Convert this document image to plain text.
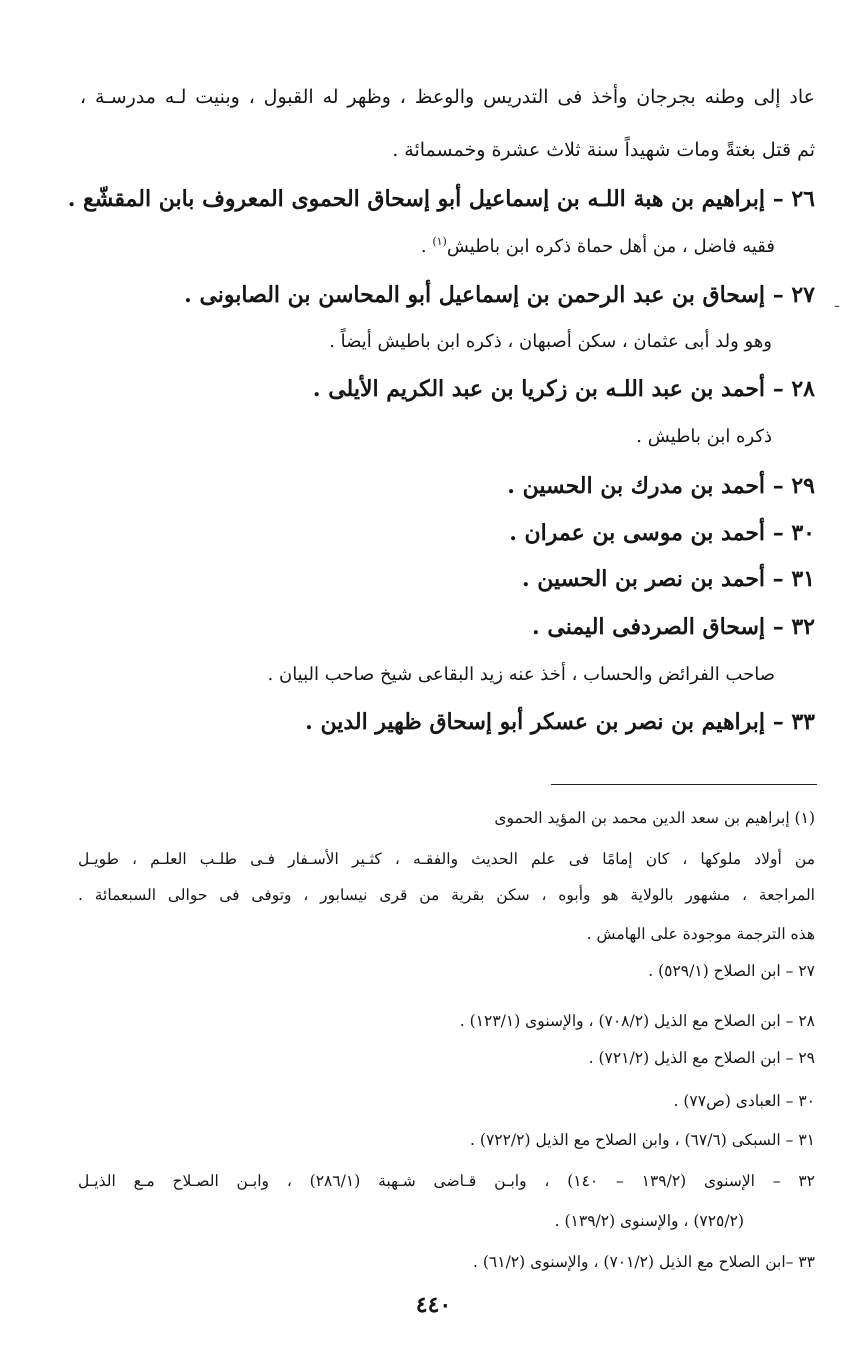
عاد إلى وطنه بجرجان وأخذ فى التدريس والوعظ ، وظهر له القبول ، وبنيت لـه مدرسـة ،
ثم قتل بغتةً ومات شهيداً سنة ثلاث عشرة وخمسمائة .
٢٦ – إبراهيم بن هبة اللـه بن إسماعيل أبو إسحاق الحموى المعروف بابن المقشّع .
فقيه فاضل ، من أهل حماة ذكره ابن باطيش$^{(١)}$ .
٢٧ – إسحاق بن عبد الرحمن بن إسماعيل أبو المحاسن بن الصابونى . ـ
وهو ولد أبى عثمان ، سكن أصبهان ، ذكره ابن باطيش أيضاً .
٢٨ – أحمد بن عبد اللـه بن زكريا بن عبد الكريم الأيلى .
ذكره ابن باطيش .
٢٩ – أحمد بن مدرك بن الحسين .
٣٠ – أحمد بن موسى بن عمران .
٣١ – أحمد بن نصر بن الحسين .
٣٢ – إسحاق الصردفى اليمنى .
صاحب الفرائض والحساب ، أخذ عنه زيد البقاعى شيخ صاحب البيان .
٣٣ – إبراهيم بن نصر بن عسكر أبو إسحاق ظهير الدين .
(١) إبراهيم بن سعد الدين محمد بن المؤيد الحموى
من أولاد ملوكها ، كان إمامًا فى علم الحديث والفقـه ، كثـير الأسـفار فـى طلـب العلـم ، طويـل
المراجعة ، مشهور بالولاية هو وأبوه ، سكن بقرية من قرى نيسابور ، وتوفى فى حوالى السبعمائة .
هذه الترجمة موجودة على الهامش .
٢٧ – ابن الصلاح (٥٢٩/١) .
٢٨ – ابن الصلاح مع الذيل (٧٠٨/٢) ، والإسنوى (١٢٣/١) .
٢٩ – ابن الصلاح مع الذيل (٧٢١/٢) .
٣٠ – العبادى (ص٧٧) .
٣١ – السبكى (٦٧/٦) ، وابن الصلاح مع الذيل (٧٢٢/٢) .
٣٢ – الإسنوى (١٣٩/٢ – ١٤٠) ، وابـن قـاضى شـهبة (٢٨٦/١) ، وابـن الصـلاح مـع الذيـل
(٧٢٥/٢) ، والإسنوى (١٣٩/٢) .
٣٣ –ابن الصلاح مع الذيل (٧٠١/٢) ، والإسنوى (٦١/٢) .
٤٤٠
